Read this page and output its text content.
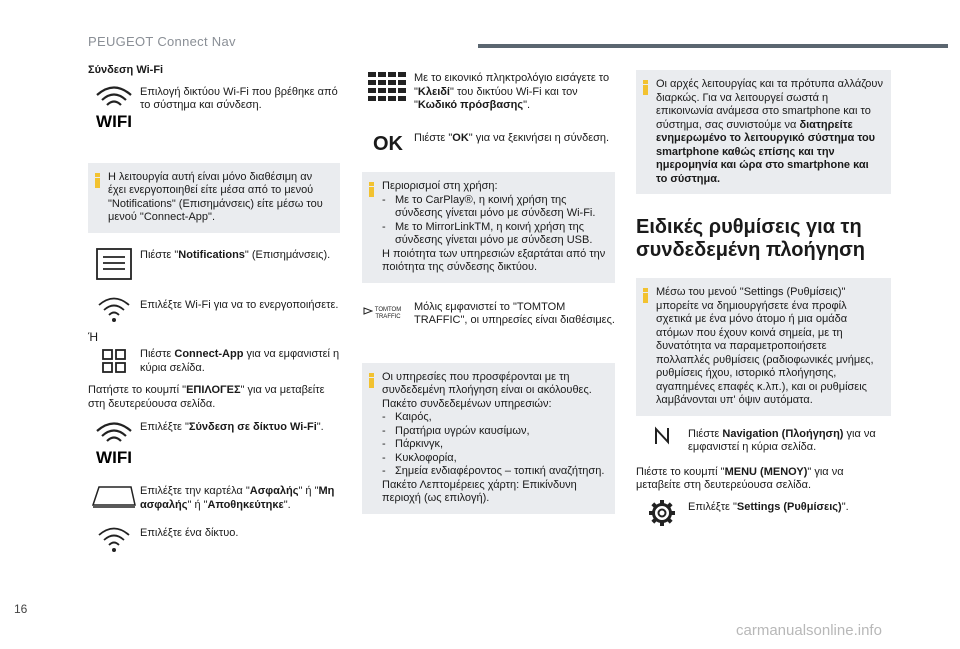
PEUGEOT Connect Nav
Σύνδεση Wi-Fi
WIFI
Επιλογή δικτύου Wi-Fi που βρέθηκε από το σύστημα και σύνδεση.
Η λειτουργία αυτή είναι μόνο διαθέσιμη αν έχει ενεργοποιηθεί είτε μέσα από το μενού "Notifications" (Επισημάνσεις) είτε μέσω του μενού "Connect-App".
Πιέστε "Notifications" (Επισημάνσεις).
Επιλέξτε Wi-Fi για να το ενεργοποιήσετε.
Ή
Πιέστε Connect-App για να εμφανιστεί η κύρια σελίδα.
Πατήστε το κουμπί "ΕΠΙΛΟΓΕΣ" για να μεταβείτε στη δευτερεύουσα σελίδα.
WIFI
Επιλέξτε "Σύνδεση σε δίκτυο Wi-Fi".
Επιλέξτε την καρτέλα "Ασφαλής" ή "Μη ασφαλής" ή "Αποθηκεύτηκε".
Επιλέξτε ένα δίκτυο.
Με το εικονικό πληκτρολόγιο εισάγετε το "Κλειδί" του δικτύου Wi-Fi και τον "Κωδικό πρόσβασης".
OK Πιέστε "OK" για να ξεκινήσει η σύνδεση.
Περιορισμοί στη χρήση:
- Με το CarPlay®, η κοινή χρήση της σύνδεσης γίνεται μόνο με σύνδεση Wi-Fi.
- Με το MirrorLinkTM, η κοινή χρήση της σύνδεσης γίνεται μόνο με σύνδεση USB.
Η ποιότητα των υπηρεσιών εξαρτάται από την ποιότητα της σύνδεσης δικτύου.
TOMTOM
TRAFFIC
Μόλις εμφανιστεί το "TOMTOM TRAFFIC", οι υπηρεσίες είναι διαθέσιμες.
Οι υπηρεσίες που προσφέρονται με τη συνδεδεμένη πλοήγηση είναι οι ακόλουθες.
Πακέτο συνδεδεμένων υπηρεσιών:
- Καιρός,
- Πρατήρια υγρών καυσίμων,
- Πάρκινγκ,
- Κυκλοφορία,
- Σημεία ενδιαφέροντος – τοπική αναζήτηση.
Πακέτο Λεπτομέρειες χάρτη: Επικίνδυνη περιοχή (ως επιλογή).
Οι αρχές λειτουργίας και τα πρότυπα αλλάζουν διαρκώς. Για να λειτουργεί σωστά η επικοινωνία ανάμεσα στο smartphone και το σύστημα, σας συνιστούμε να διατηρείτε ενημερωμένο το λειτουργικό σύστημα του smartphone καθώς επίσης και την ημερομηνία και ώρα στο smartphone και το σύστημα.
Ειδικές ρυθμίσεις για τη συνδεδεμένη πλοήγηση
Μέσω του μενού "Settings (Ρυθμίσεις)" μπορείτε να δημιουργήσετε ένα προφίλ σχετικά με ένα μόνο άτομο ή μια ομάδα ατόμων που έχουν κοινά σημεία, με τη δυνατότητα να παραμετροποιήσετε πολλαπλές ρυθμίσεις (ραδιοφωνικές μνήμες, ρυθμίσεις ήχου, ιστορικό πλοήγησης, αγαπημένες επαφές κ.λπ.), και οι ρυθμίσεις λαμβάνονται υπ' όψιν αυτόματα.
Πιέστε Navigation (Πλοήγηση) για να εμφανιστεί η κύρια σελίδα.
Πιέστε το κουμπί "MENU (ΜΕΝΟΥ)" για να μεταβείτε στη δευτερεύουσα σελίδα.
Επιλέξτε "Settings (Ρυθμίσεις)".
16
carmanualsonline.info
